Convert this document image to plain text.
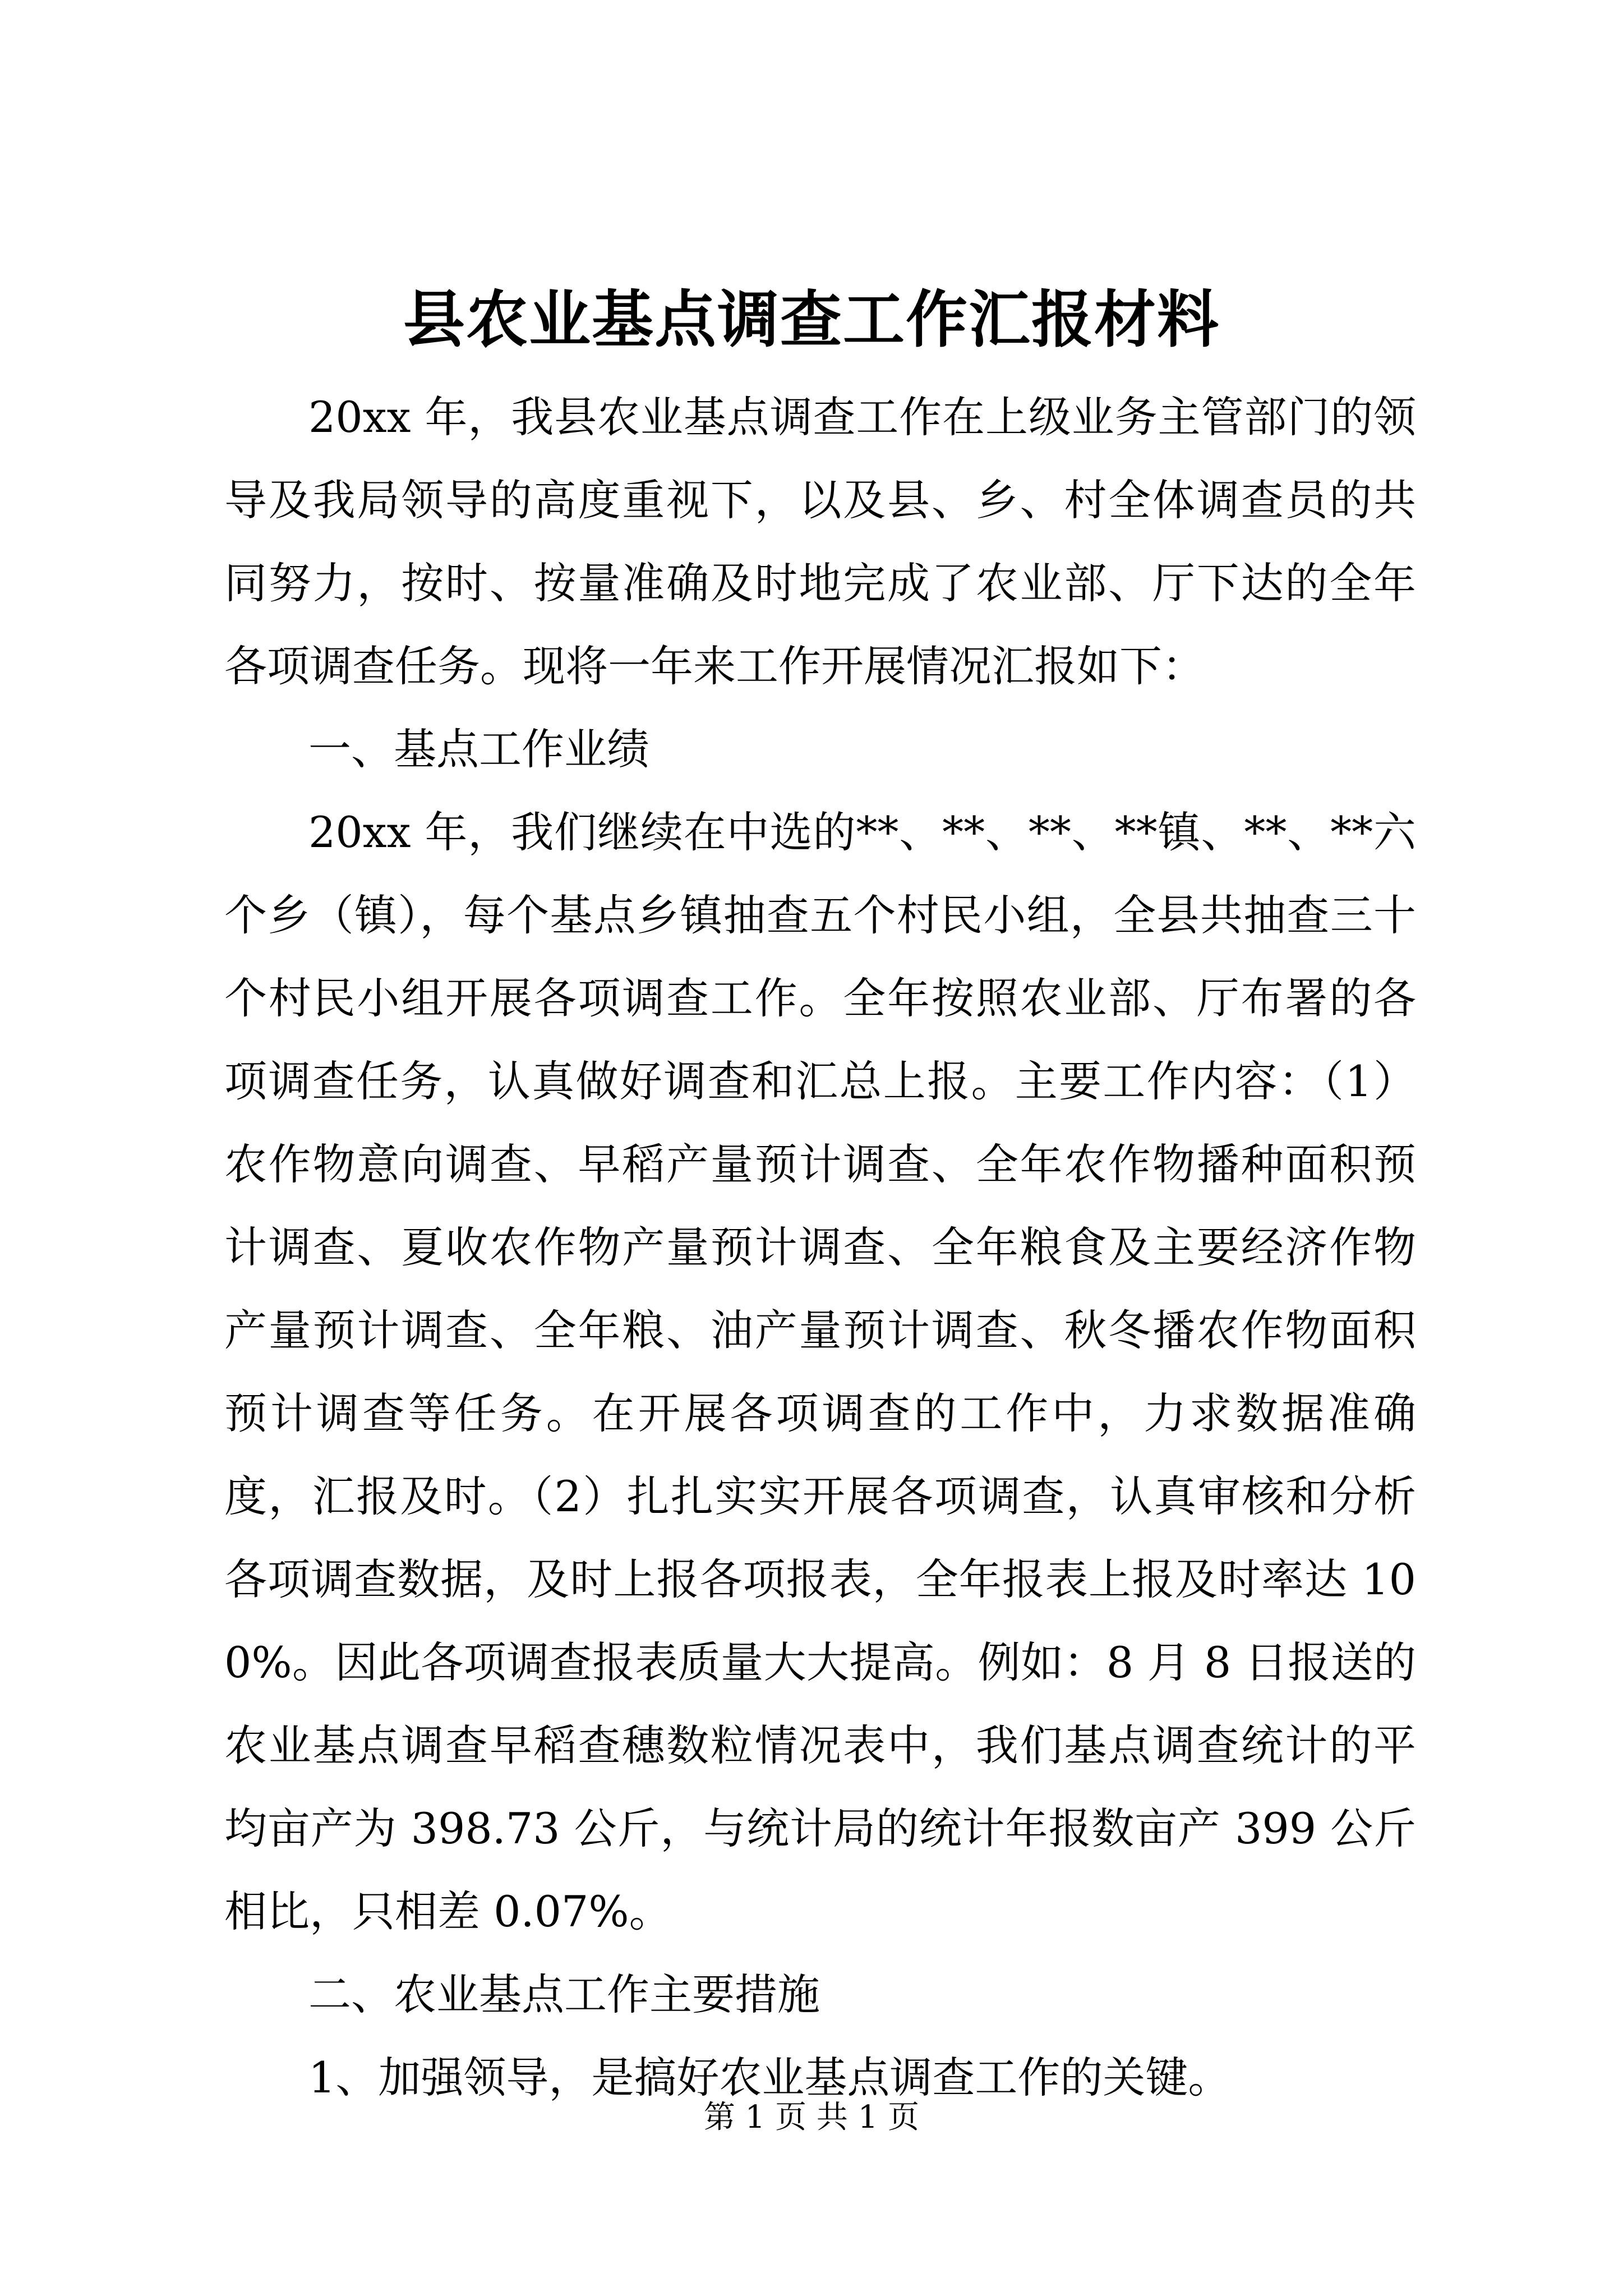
县农业基点调查工作汇报材料

20xx 年，我县农业基点调查工作在上级业务主管部门的领导及我局领导的高度重视下，以及县、乡、村全体调查员的共同努力，按时、按量准确及时地完成了农业部、厅下达的全年各项调查任务。现将一年来工作开展情况汇报如下：

一、基点工作业绩

20xx 年，我们继续在中选的**、**、**、**镇、**、**六个乡（镇），每个基点乡镇抽查五个村民小组，全县共抽查三十个村民小组开展各项调查工作。全年按照农业部、厅布署的各项调查任务，认真做好调查和汇总上报。主要工作内容：（1）农作物意向调查、早稻产量预计调查、全年农作物播种面积预计调查、夏收农作物产量预计调查、全年粮食及主要经济作物产量预计调查、全年粮、油产量预计调查、秋冬播农作物面积预计调查等任务。在开展各项调查的工作中，力求数据准确度，汇报及时。（2）扎扎实实开展各项调查，认真审核和分析各项调查数据，及时上报各项报表，全年报表上报及时率达 100%。因此各项调查报表质量大大提高。例如：8 月 8 日报送的农业基点调查早稻查穗数粒情况表中，我们基点调查统计的平均亩产为 398.73 公斤，与统计局的统计年报数亩产 399 公斤相比，只相差 0.07%。

二、农业基点工作主要措施

1、加强领导，是搞好农业基点调查工作的关键。

第 1 页 共 1 页
